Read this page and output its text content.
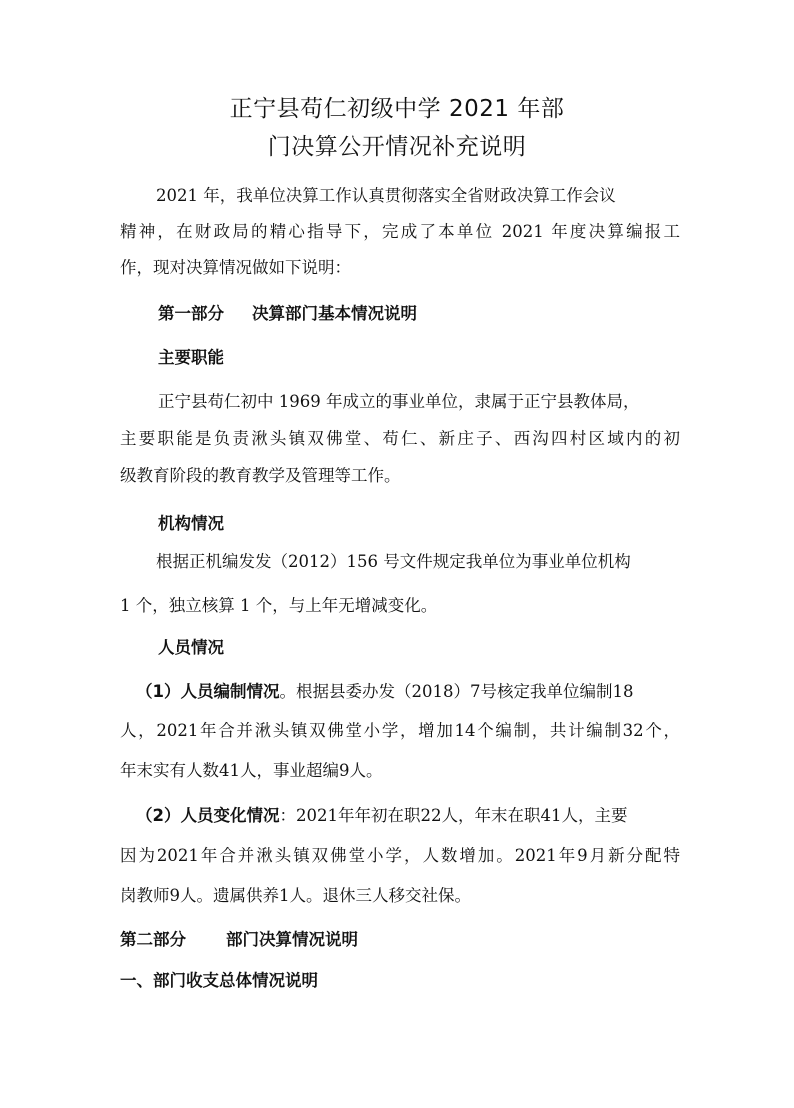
正宁县苟仁初级中学 2021 年部
门决算公开情况补充说明
2021 年，我单位决算工作认真贯彻落实全省财政决算工作会议
精神，在财政局的精心指导下，完成了本单位 2021 年度决算编报工
作，现对决算情况做如下说明：
第一部分 决算部门基本情况说明
主要职能
正宁县苟仁初中 1969 年成立的事业单位，隶属于正宁县教体局，
主要职能是负责湫头镇双佛堂、苟仁、新庄子、西沟四村区域内的初
级教育阶段的教育教学及管理等工作。
机构情况
根据正机编发发（2012）156 号文件规定我单位为事业单位机构
1 个，独立核算 1 个，与上年无增减变化。
人员情况
（1）人员编制情况。根据县委办发（2018）7号核定我单位编制18
人，2021年合并湫头镇双佛堂小学，增加14个编制，共计编制32个，
年末实有人数41人，事业超编9人。
（2）人员变化情况：2021年年初在职22人，年末在职41人，主要
因为2021年合并湫头镇双佛堂小学，人数增加。2021年9月新分配特
岗教师9人。遗属供养1人。退休三人移交社保。
第二部分 部门决算情况说明
一、部门收支总体情况说明
